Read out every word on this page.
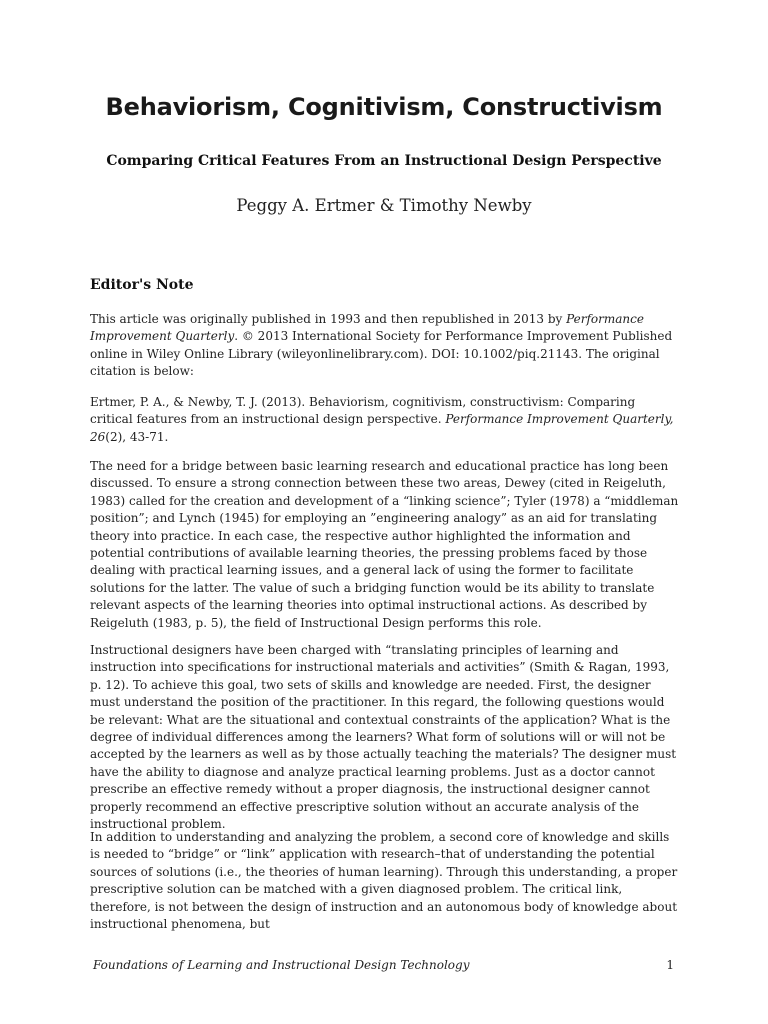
Behaviorism, Cognitivism, Constructivism
Comparing Critical Features From an Instructional Design Perspective
Peggy A. Ertmer & Timothy Newby
Editor's Note

This article was originally published in 1993 and then republished in 2013 by Performance Improvement Quarterly. © 2013 International Society for Performance Improvement Published online in Wiley Online Library (wileyonlinelibrary.com). DOI: 10.1002/piq.21143. The original citation is below:

Ertmer, P. A., & Newby, T. J. (2013). Behaviorism, cognitivism, constructivism: Comparing critical features from an instructional design perspective. Performance Improvement Quarterly, 26(2), 43-71.

The need for a bridge between basic learning research and educational practice has long been discussed. To ensure a strong connection between these two areas, Dewey (cited in Reigeluth, 1983) called for the creation and development of a “linking science”; Tyler (1978) a “middleman position”; and Lynch (1945) for employing an ”engineering analogy” as an aid for translating theory into practice. In each case, the respective author highlighted the information and potential contributions of available learning theories, the pressing problems faced by those dealing with practical learning issues, and a general lack of using the former to facilitate solutions for the latter. The value of such a bridging function would be its ability to translate relevant aspects of the learning theories into optimal instructional actions. As described by Reigeluth (1983, p. 5), the field of Instructional Design performs this role.

Instructional designers have been charged with “translating principles of learning and instruction into specifications for instructional materials and activities” (Smith & Ragan, 1993, p. 12). To achieve this goal, two sets of skills and knowledge are needed. First, the designer must understand the position of the practitioner. In this regard, the following questions would be relevant: What are the situational and contextual constraints of the application? What is the degree of individual differences among the learners? What form of solutions will or will not be accepted by the learners as well as by those actually teaching the materials? The designer must have the ability to diagnose and analyze practical learning problems. Just as a doctor cannot prescribe an effective remedy without a proper diagnosis, the instructional designer cannot properly recommend an effective prescriptive solution without an accurate analysis of the instructional problem.

In addition to understanding and analyzing the problem, a second core of knowledge and skills is needed to “bridge” or “link” application with research–that of understanding the potential sources of solutions (i.e., the theories of human learning). Through this understanding, a proper prescriptive solution can be matched with a given diagnosed problem. The critical link, therefore, is not between the design of instruction and an autonomous body of knowledge about instructional phenomena, but

Foundations of Learning and Instructional Design Technology	1
